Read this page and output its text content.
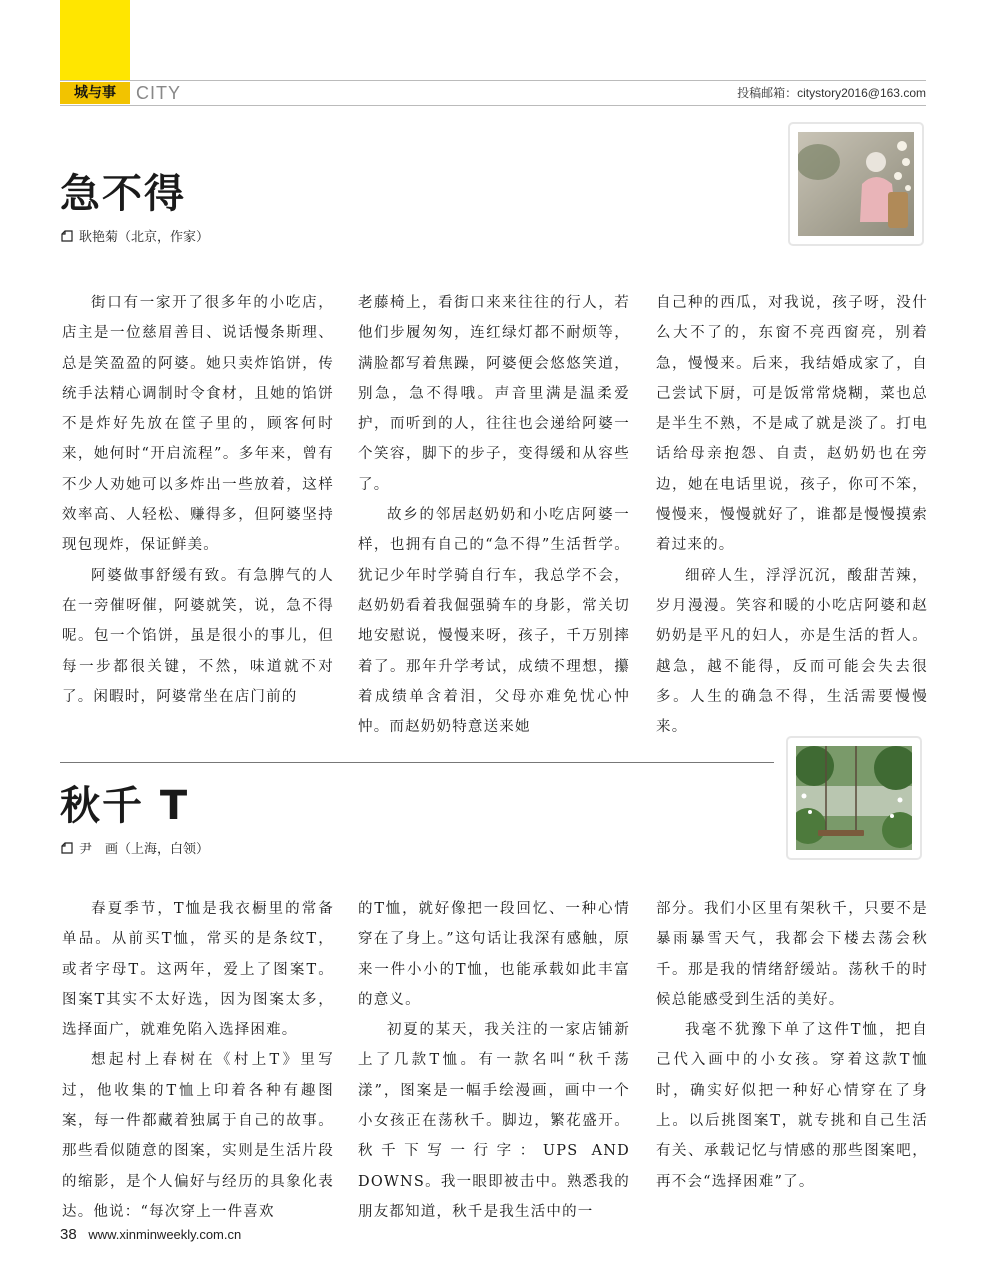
城与事	CITY	投稿邮箱：citystory2016@163.com
急不得
耿艳菊（北京，作家）

街口有一家开了很多年的小吃店，店主是一位慈眉善目、说话慢条斯理、总是笑盈盈的阿婆。她只卖炸馅饼，传统手法精心调制时令食材，且她的馅饼不是炸好先放在筐子里的，顾客何时来，她何时“开启流程”。多年来，曾有不少人劝她可以多炸出一些放着，这样效率高、人轻松、赚得多，但阿婆坚持现包现炸，保证鲜美。

阿婆做事舒缓有致。有急脾气的人在一旁催呀催，阿婆就笑，说，急不得呢。包一个馅饼，虽是很小的事儿，但每一步都很关键，不然，味道就不对了。闲暇时，阿婆常坐在店门前的

老藤椅上，看街口来来往往的行人，若他们步履匆匆，连红绿灯都不耐烦等，满脸都写着焦躁，阿婆便会悠悠笑道，别急，急不得哦。声音里满是温柔爱护，而听到的人，往往也会递给阿婆一个笑容，脚下的步子，变得缓和从容些了。

故乡的邻居赵奶奶和小吃店阿婆一样，也拥有自己的“急不得”生活哲学。犹记少年时学骑自行车，我总学不会，赵奶奶看着我倔强骑车的身影，常关切地安慰说，慢慢来呀，孩子，千万别摔着了。那年升学考试，成绩不理想，攥着成绩单含着泪，父母亦难免忧心忡忡。而赵奶奶特意送来她

自己种的西瓜，对我说，孩子呀，没什么大不了的，东窗不亮西窗亮，别着急，慢慢来。后来，我结婚成家了，自己尝试下厨，可是饭常常烧糊，菜也总是半生不熟，不是咸了就是淡了。打电话给母亲抱怨、自责，赵奶奶也在旁边，她在电话里说，孩子，你可不笨，慢慢来，慢慢就好了，谁都是慢慢摸索着过来的。

细碎人生，浮浮沉沉，酸甜苦辣，岁月漫漫。笑容和暖的小吃店阿婆和赵奶奶是平凡的妇人，亦是生活的哲人。越急，越不能得，反而可能会失去很多。人生的确急不得，生活需要慢慢来。

秋千 T
尹　画（上海，白领）

春夏季节，T恤是我衣橱里的常备单品。从前买T恤，常买的是条纹T，或者字母T。这两年，爱上了图案T。图案T其实不太好选，因为图案太多，选择面广，就难免陷入选择困难。

想起村上春树在《村上T》里写过，他收集的T恤上印着各种有趣图案，每一件都藏着独属于自己的故事。那些看似随意的图案，实则是生活片段的缩影，是个人偏好与经历的具象化表达。他说：“每次穿上一件喜欢

的T恤，就好像把一段回忆、一种心情穿在了身上。”这句话让我深有感触，原来一件小小的T恤，也能承载如此丰富的意义。

初夏的某天，我关注的一家店铺新上了几款T恤。有一款名叫“秋千荡漾”，图案是一幅手绘漫画，画中一个小女孩正在荡秋千。脚边，繁花盛开。秋千下写一行字：UPS AND DOWNS。我一眼即被击中。熟悉我的朋友都知道，秋千是我生活中的一

部分。我们小区里有架秋千，只要不是暴雨暴雪天气，我都会下楼去荡会秋千。那是我的情绪舒缓站。荡秋千的时候总能感受到生活的美好。

我毫不犹豫下单了这件T恤，把自己代入画中的小女孩。穿着这款T恤时，确实好似把一种好心情穿在了身上。以后挑图案T，就专挑和自己生活有关、承载记忆与情感的那些图案吧，再不会“选择困难”了。

38 www.xinminweekly.com.cn
